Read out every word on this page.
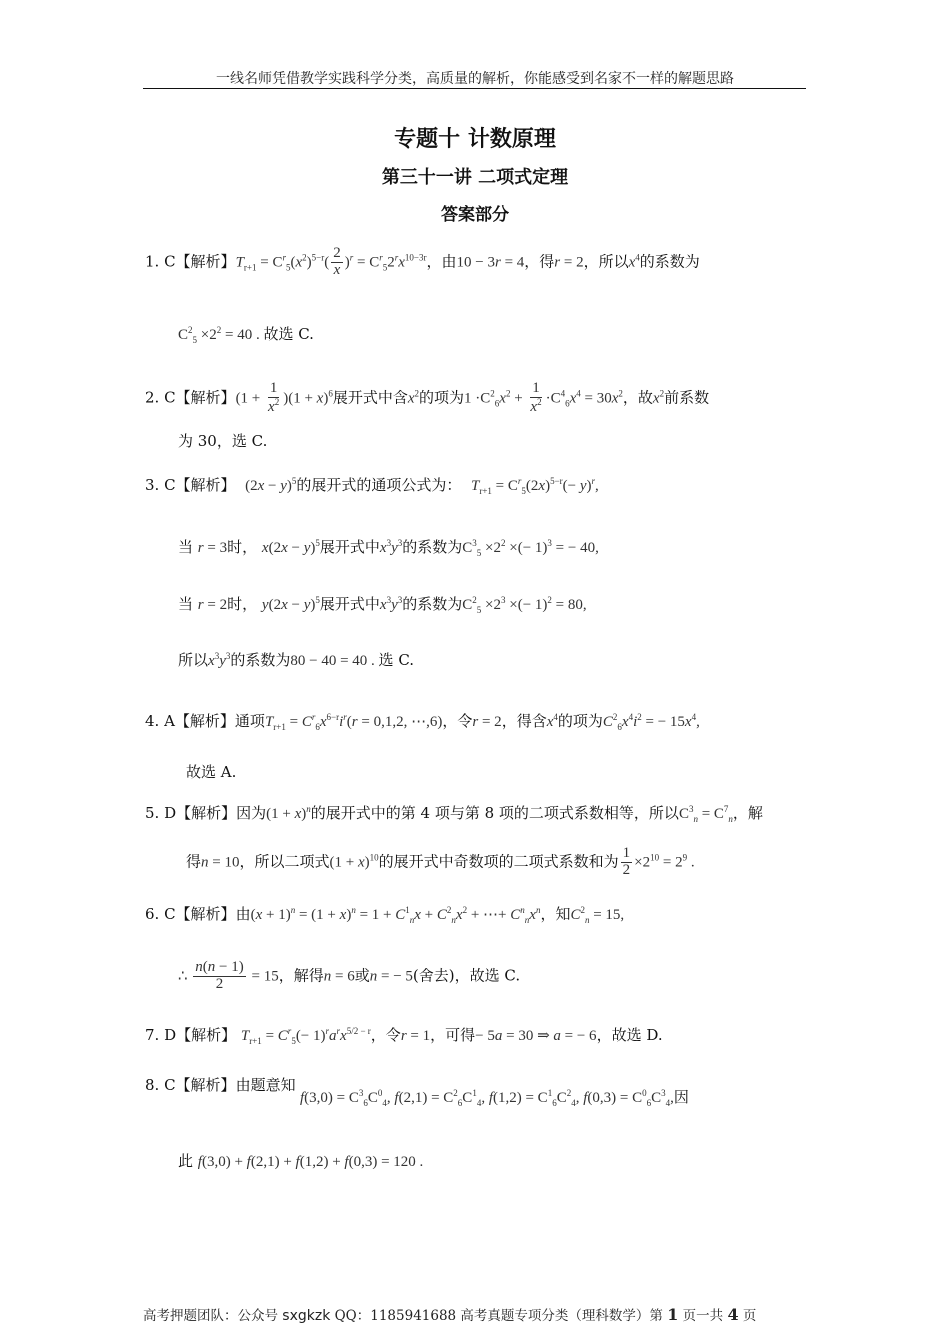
一线名师凭借教学实践科学分类，高质量的解析，你能感受到名家不一样的解题思路
专题十 计数原理
第三十一讲 二项式定理
答案部分
1. C【解析】$T_{r+1} = C^r_5(x^2)^{5-r}( \frac{2}{x} )^r = C^r_52^rx^{10-3r}$，由10 − 3r = 4，得r = 2，所以$x^4$的系数为
$C^2_5 \times 2^2 = 40$ . 故选 C.
2. C【解析】$(1 + \frac{1}{x^2} )(1 + x)^6$展开式中含$x^2$的项为$1 \cdot C^2_6x^2 + \frac{1}{x^2} \cdot C^4_6x^4 = 30x^2$，故$x^2$前系数
为 30，选 C.
3. C【解析】 $(2x - y)^5$的展开式的通项公式为： $T_{r+1} = C^r_5(2x)^{5-r}(- y)^r$,
当 r = 3时， $x(2x - y)^5$展开式中$x^3y^3$的系数为$C^3_5 \times 2^2$ ×(− 1)$^3$ = − 40,
当 r = 2时， $y(2x - y)^5$展开式中$x^3y^3$的系数为$C^2_5 \times 2^3$ ×(− 1)$^2$ = 80,
所以$x^3y^3$的系数为80 − 40 = 40 . 选 C.
4. A【解析】通项$T_{r+1} = C^r_6x^{6-r}i^r(r = 0,1,2$, ⋯,6)，令r = 2，得含$x^4$的项为$C^2_6x^4i^2$ = − $15x^4$,
故选 A.
5. D【解析】因为$(1 + x)^n$的展开式中的第 4 项与第 8 项的二项式系数相等，所以$C^3_n = C^7_n$，解
得n = 10，所以二项式$(1 + x)^{10}$的展开式中奇数项的二项式系数和为 $\frac{1}{2} \times 2^{10} = 2^9$ .
6. C【解析】由$(x + 1)^n = (1 + x)^n = 1 + C^1_nx + C^2_nx^2$ + ⋯+ $C^n_nx^n$，知$C^2_n = 15$,
∴ $\frac{n(n - 1)}{2} = 15$，解得n = 6或n = − 5(舍去)，故选 C.
7. D【解析】 $T_{r+1} = C^r_5(- 1)^ra^rx^{5/2 - r}$，令r = 1，可得− 5a = 30 ⇒ a = − 6，故选 D.
8. C【解析】由题意知
$f(3,0) = C^3_6C^0_4$, $f(2,1) = C^2_6C^1_4$, $f(1,2) = C^1_6C^2_4$, $f(0,3) = C^0_6C^3_4$,因
此 f(3,0) + f(2,1) + f(1,2) + f(0,3) = 120 .
高考押题团队：公众号 sxgkzk QQ：1185941688 高考真题专项分类（理科数学）第 1 页一共 4 页
